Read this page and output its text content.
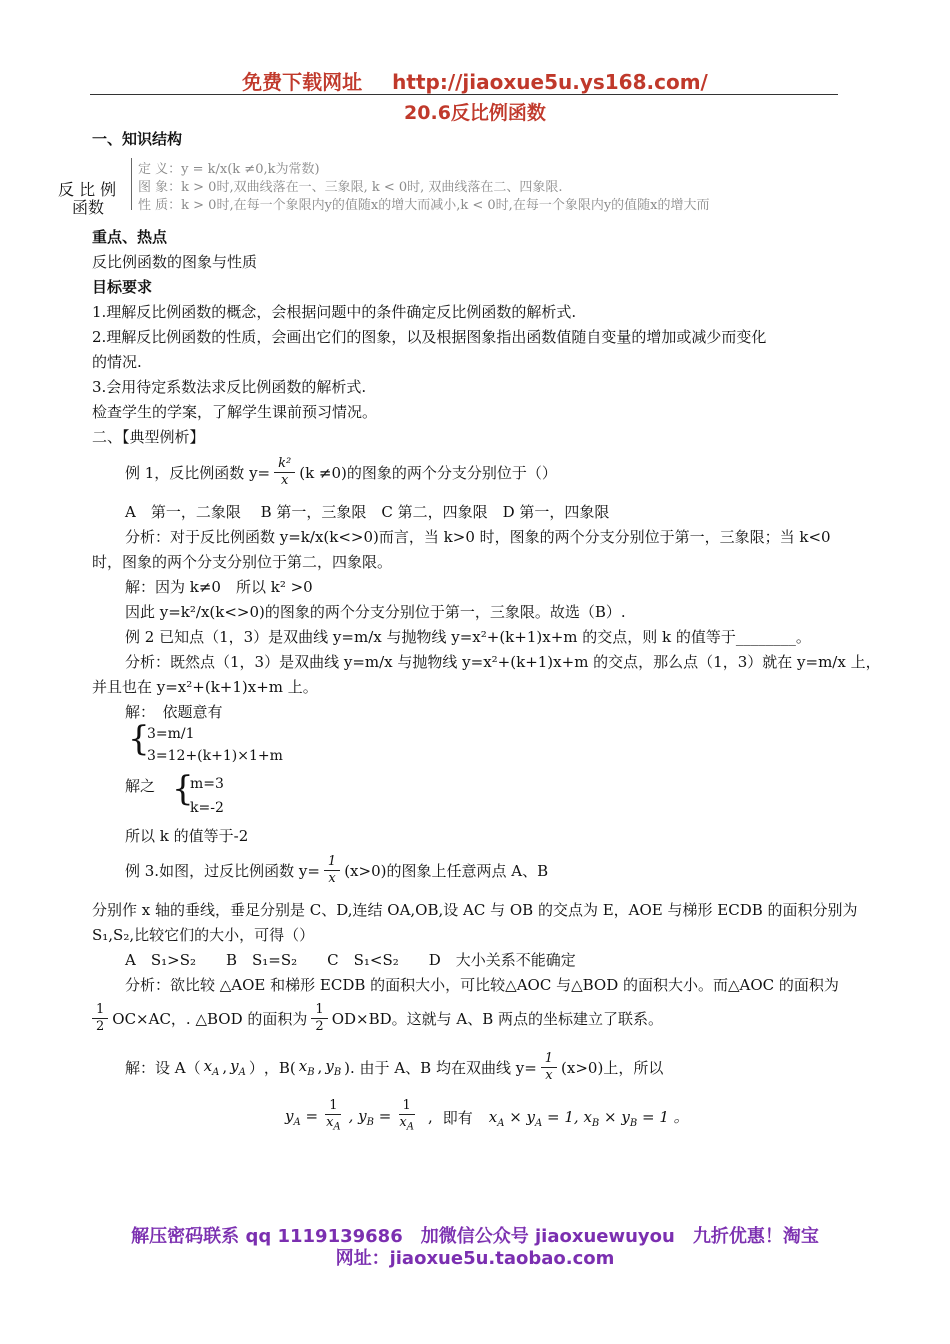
免费下载网址 http://jiaoxue5u.ys168.com/
20.6反比例函数
一、知识结构
反 比 例
函数
定 义：y = k/x(k ≠0,k为常数)
图 象：k > 0时,双曲线落在一、三象限, k < 0时, 双曲线落在二、四象限.
性 质：k > 0时,在每一个象限内y的值随x的增大而减小,k < 0时,在每一个象限内y的值随x的增大而
重点、热点
反比例函数的图象与性质
目标要求
1.理解反比例函数的概念，会根据问题中的条件确定反比例函数的解析式.
2.理解反比例函数的性质，会画出它们的图象，以及根据图象指出函数值随自变量的增加或减少而变化
的情况.
3.会用待定系数法求反比例函数的解析式.
检查学生的学案，了解学生课前预习情况。
二、【典型例析】
例 1，反比例函数 $y= \frac{\text{k²}}{x} (k \ne 0)$的图象的两个分支分别位于（）
A　第一，二象限　 B 第一，三象限　C 第二，四象限　D 第一，四象限
分析：对于反比例函数 y=k/x(k<>0)而言，当 k>0 时，图象的两个分支分别位于第一，三象限；当 k<0
时，图象的两个分支分别位于第二，四象限。
解：因为 k≠0　所以 k² >0
因此 y=k²/x(k<>0)的图象的两个分支分别位于第一，三象限。故选（B）.
例 2 已知点（1，3）是双曲线 y=m/x 与抛物线 y=x²+(k+1)x+m 的交点，则 k 的值等于________。
分析：既然点（1，3）是双曲线 y=m/x 与抛物线 y=x²+(k+1)x+m 的交点，那么点（1，3）就在 y=m/x 上，
并且也在 y=x²+(k+1)x+m 上。
解：　依题意有
{
3=m/1
3=12+(k+1)×1+m
解之 {
m=3
k=-2
所以 k 的值等于-2
例 3.如图，过反比例函数 $y= \frac{1}{x} (x>0)$的图象上任意两点 A、B
分别作 x 轴的垂线，垂足分别是 C、D,连结 OA,OB,设 AC 与 OB 的交点为 E，AOE 与梯形 ECDB 的面积分别为
S₁,S₂,比较它们的大小，可得（）
A　S₁>S₂　　B　S₁=S₂　　C　S₁<S₂　　D　大小关系不能确定
分析：欲比较 △AOE 和梯形 ECDB 的面积大小，可比较△AOC 与△BOD 的面积大小。而△AOC 的面积为
$\frac{1}{2} OC\times AC$，. △BOD 的面积为 $\frac{1}{2} OD\times BD$。这就与 A、B 两点的坐标建立了联系。
解：设 A（ $x_A$ , $y_A$ ） ，B( $x_B$ , $y_B$ ). 由于 A、B 均在双曲线 $y= \frac{1}{x} (x>0)$上，所以
$y_A = \frac{1}{x_A}$ , $y_B = \frac{1}{x_A}$ , 即有 $x_A \times y_A = 1$, $x_B \times y_B = 1$ 。
解压密码联系 qq 1119139686　加微信公众号 jiaoxuewuyou　九折优惠！淘宝
网址：jiaoxue5u.taobao.com
